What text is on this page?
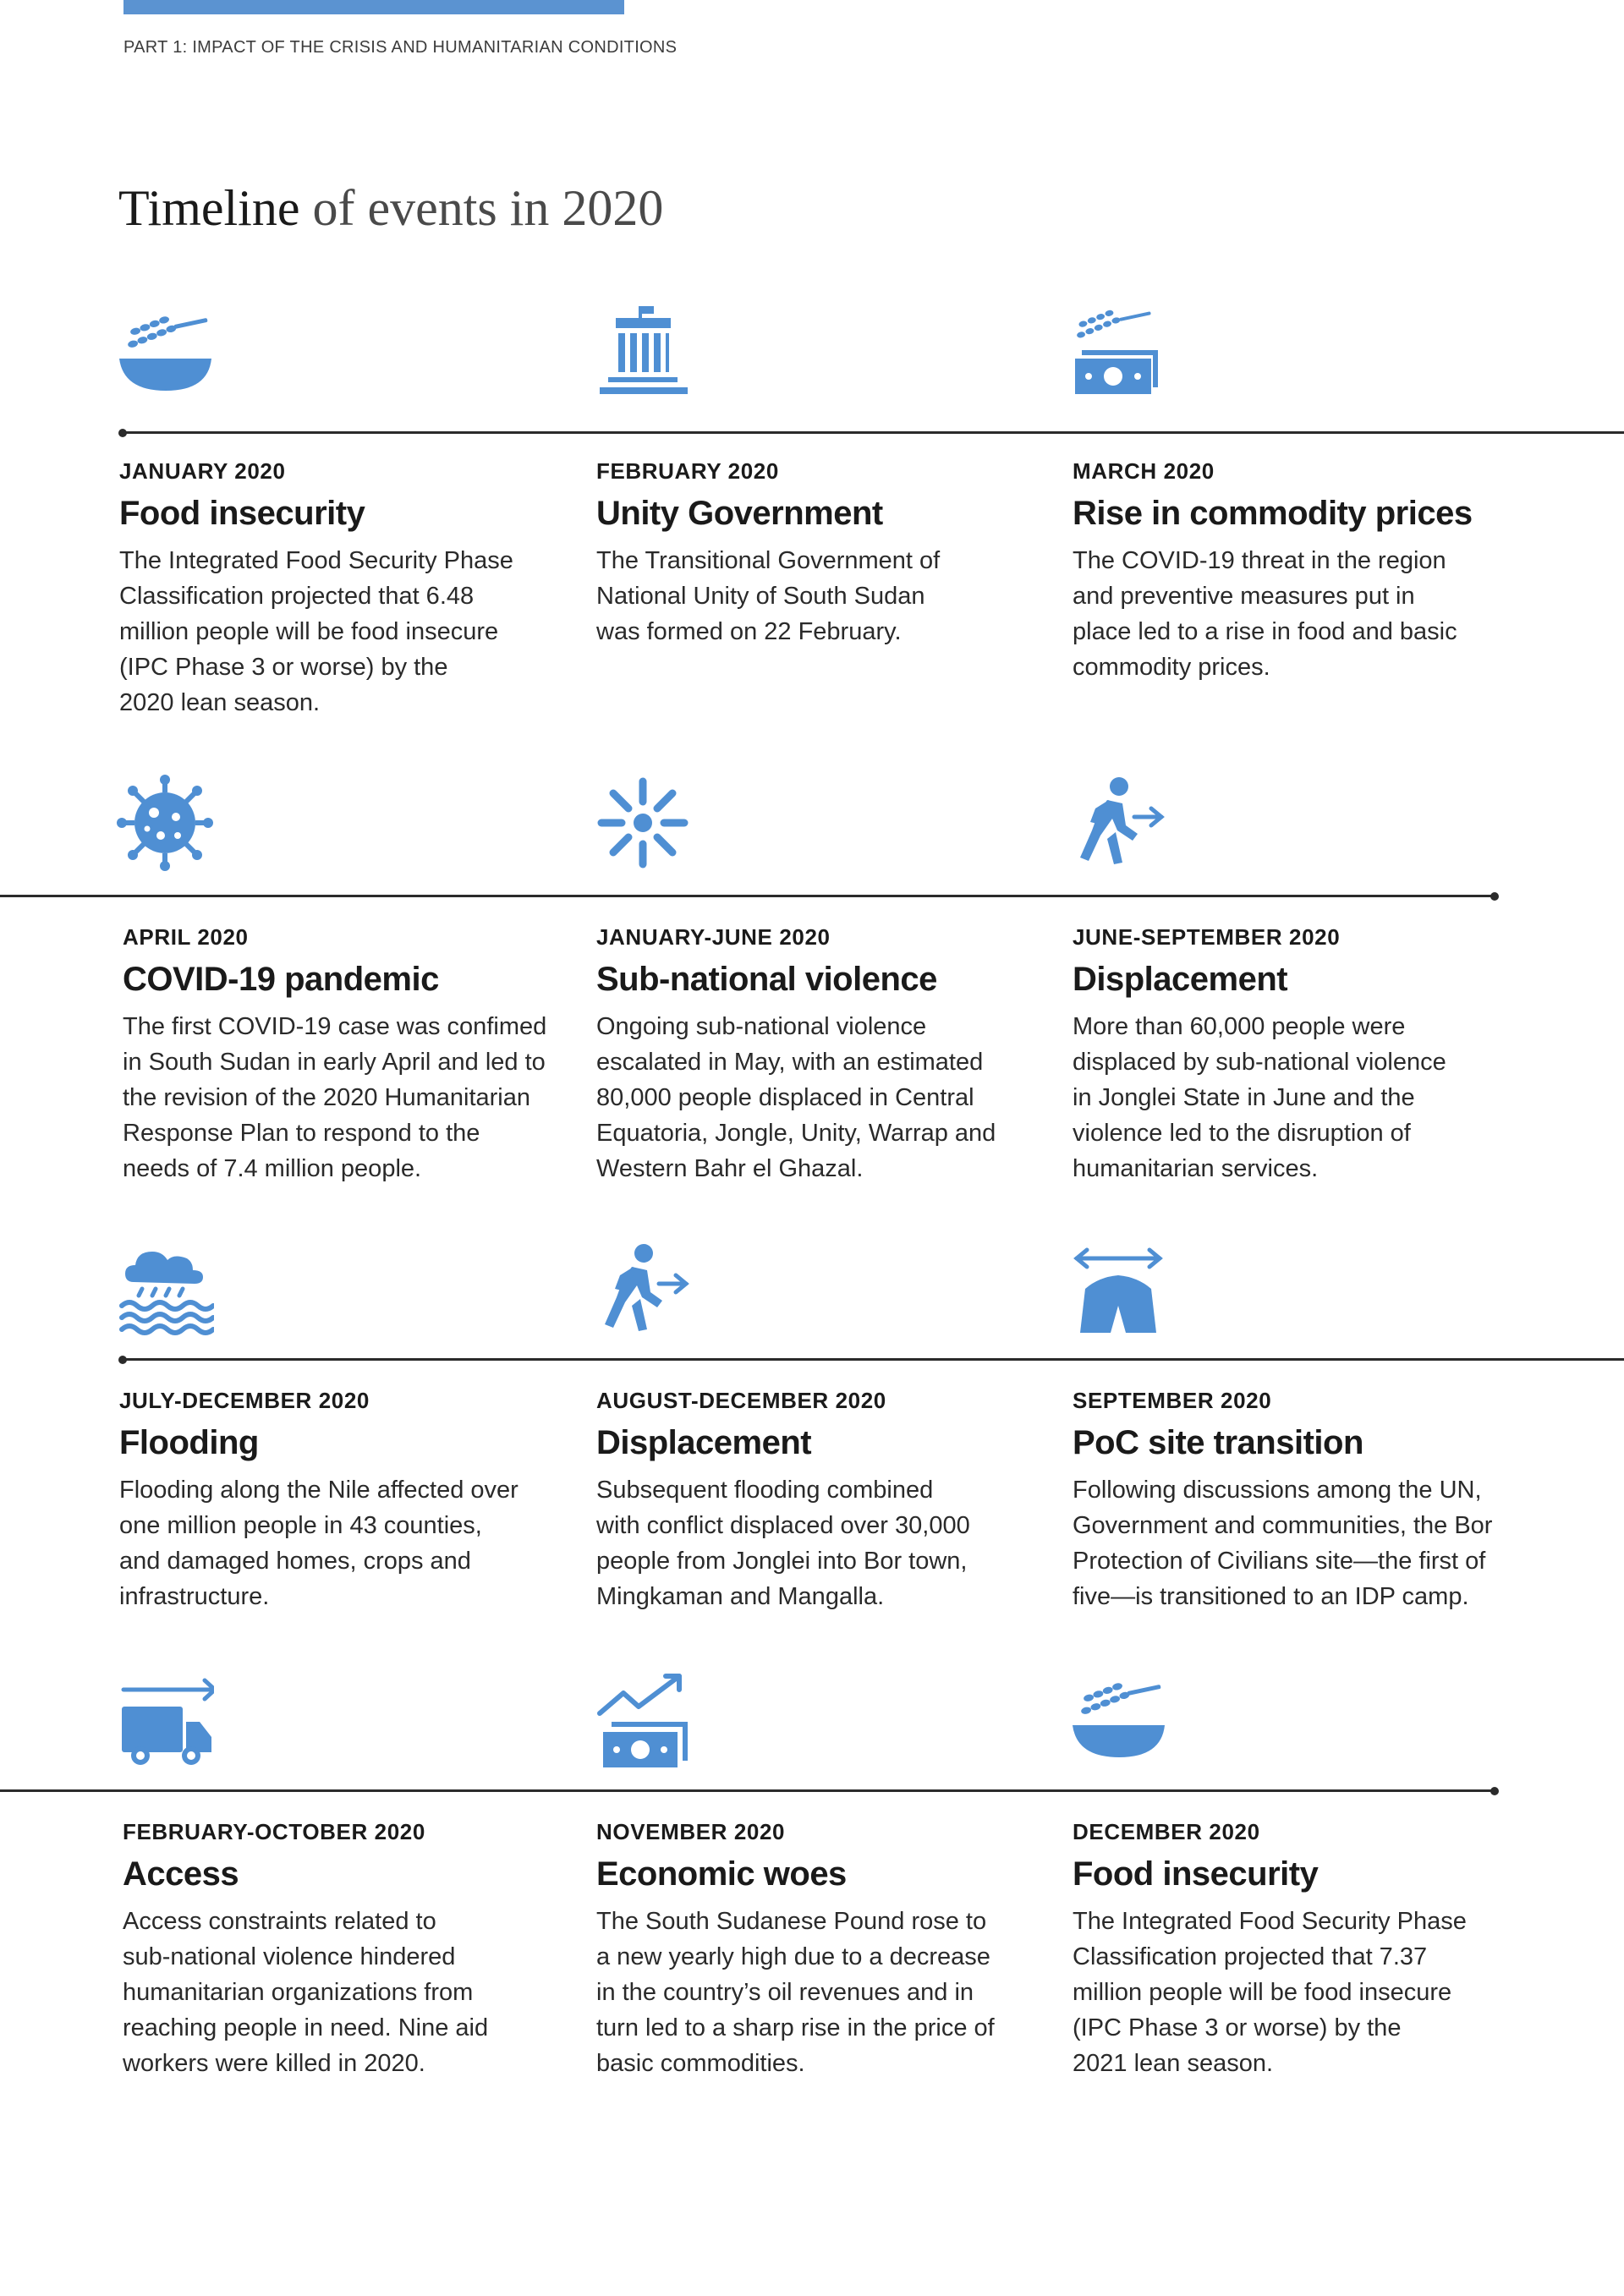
PART 1: IMPACT OF THE CRISIS AND HUMANITARIAN CONDITIONS
Timeline of events in 2020
JANUARY 2020
Food insecurity
The Integrated Food Security Phase
Classification projected that 6.48
million people will be food insecure
(IPC Phase 3 or worse) by the
2020 lean season.
FEBRUARY 2020
Unity Government
The Transitional Government of
National Unity of South Sudan
was formed on 22 February.
MARCH 2020
Rise in commodity prices
The COVID-19 threat in the region
and preventive measures put in
place led to a rise in food and basic
commodity prices.
APRIL 2020
COVID-19 pandemic
The first COVID-19 case was confimed
in South Sudan in early April and led to
the revision of the 2020 Humanitarian
Response Plan to respond to the
needs of 7.4 million people.
JANUARY-JUNE 2020
Sub-national violence
Ongoing sub-national violence
escalated in May, with an estimated
80,000 people displaced in Central
Equatoria, Jongle, Unity, Warrap and
Western Bahr el Ghazal.
JUNE-SEPTEMBER 2020
Displacement
More than 60,000 people were
displaced by sub-national violence
in Jonglei State in June and the
violence led to the disruption of
humanitarian services.
JULY-DECEMBER 2020
Flooding
Flooding along the Nile affected over
one million people in 43 counties,
and damaged homes, crops and
infrastructure.
AUGUST-DECEMBER 2020
Displacement
Subsequent flooding combined
with conflict displaced over 30,000
people from Jonglei into Bor town,
Mingkaman and Mangalla.
SEPTEMBER 2020
PoC site transition
Following discussions among the UN,
Government and communities, the Bor
Protection of Civilians site—the first of
five—is transitioned to an IDP camp.
FEBRUARY-OCTOBER 2020
Access
Access constraints related to
sub-national violence hindered
humanitarian organizations from
reaching people in need. Nine aid
workers were killed in 2020.
NOVEMBER 2020
Economic woes
The South Sudanese Pound rose to
a new yearly high due to a decrease
in the country’s oil revenues and in
turn led to a sharp rise in the price of
basic commodities.
DECEMBER 2020
Food insecurity
The Integrated Food Security Phase
Classification projected that 7.37
million people will be food insecure
(IPC Phase 3 or worse) by the
2021 lean season.
